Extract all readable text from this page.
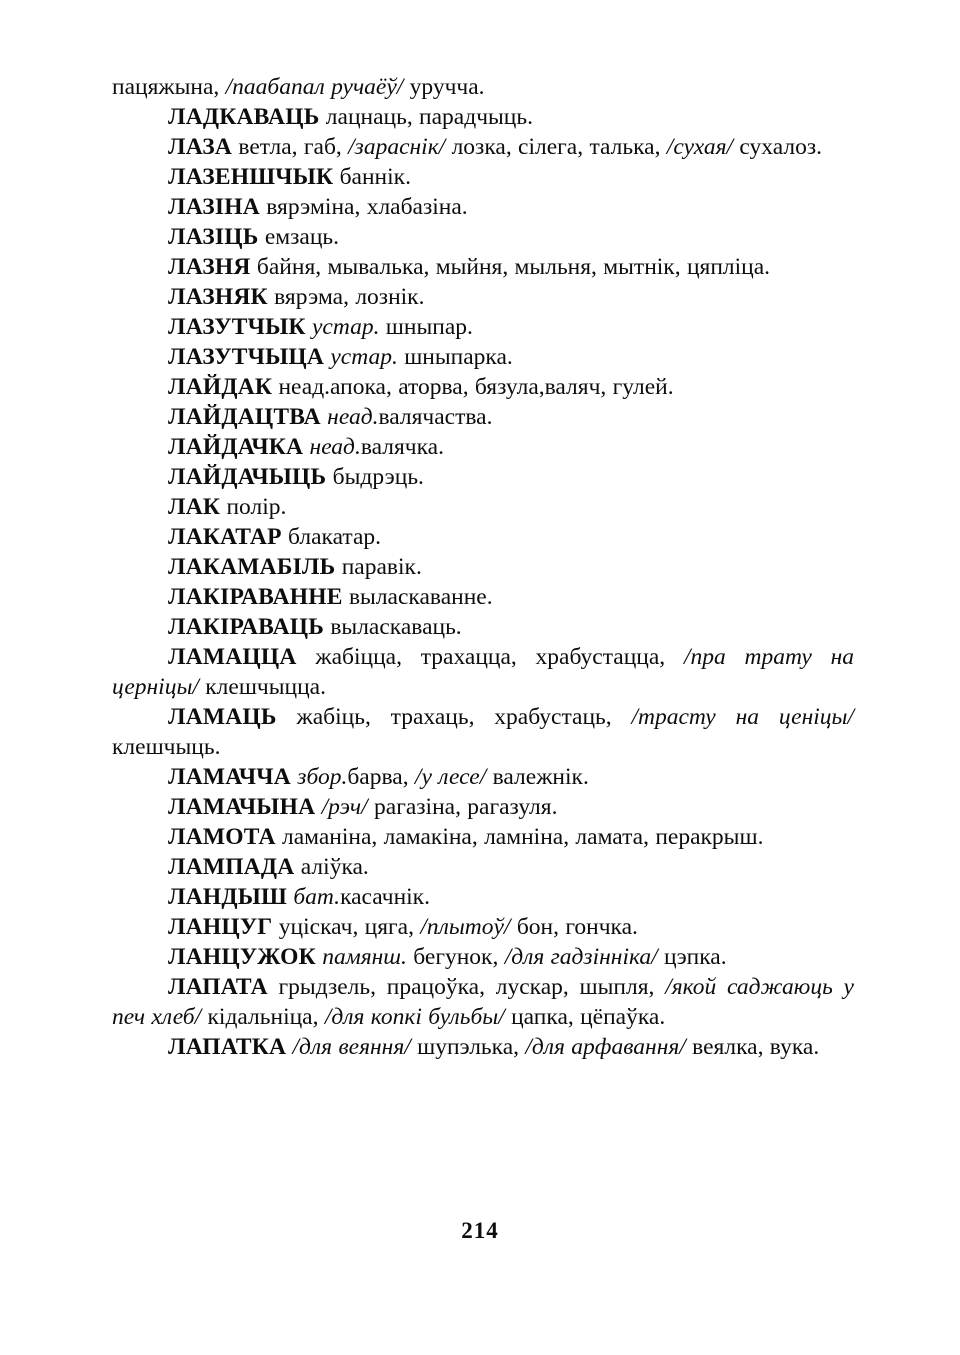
пацяжына, /паабапал ручаёў/ уруччa.

ЛАДКАВАЦЬ лацнаць, парадчыць.

ЛАЗА ветла, габ, /зараснік/ лозка, сілега, талька, /сухая/ сухалоз.

ЛАЗЕНШЧЫК баннік.

ЛАЗІНА вярэміна, хлабазіна.

ЛАЗІЦЬ емзаць.

ЛАЗНЯ байня, мывалька, мыйня, мыльня, мытнік, цяпліца.

ЛАЗНЯК вярэма, лознік.

ЛАЗУТЧЫК устар. шныпар.

ЛАЗУТЧЫЦА устар. шныпарка.

ЛАЙДАК неад.апока, аторва, бязула,валяч, гулей.

ЛАЙДАЦТВА неад.валячаства.

ЛАЙДАЧКА неад.валячка.

ЛАЙДАЧЫЦЬ быдрэць.

ЛАК полір.

ЛАКАТАР блакатар.

ЛАКАМАБІЛЬ паравік.

ЛАКІРАВАННЕ выласкаванне.

ЛАКІРАВАЦЬ выласкаваць.

ЛАМАЦЦА жабіцца, трахацца, храбустацца, /пра трату на церніцы/ клешчыцца.

ЛАМАЦЬ жабіць, трахаць, храбустаць, /трасту на ценіцы/ клешчыць.

ЛАМАЧЧА збор.барва, /у лесе/ валежнік.

ЛАМАЧЫНА /рэч/ рагазіна, рагазуля.

ЛАМОТА ламаніна, ламакіна, ламніна, ламата, перакрыш.

ЛАМПАДА аліўка.

ЛАНДЫШ бат.касачнік.

ЛАНЦУГ уціскач, цяга, /плытоў/ бон, гончка.

ЛАНЦУЖОК памянш. бегунок, /для гадзінніка/ цэпка.

ЛАПАТА грыдзель, працоўка, лускар, шыпля, /якой саджаюць у печ хлеб/ кідальніца, /для копкі бульбы/ цапка, цёпаўка.

ЛАПАТКА /для веяння/ шупэлька, /для арфавання/ веялка, вука.

214
